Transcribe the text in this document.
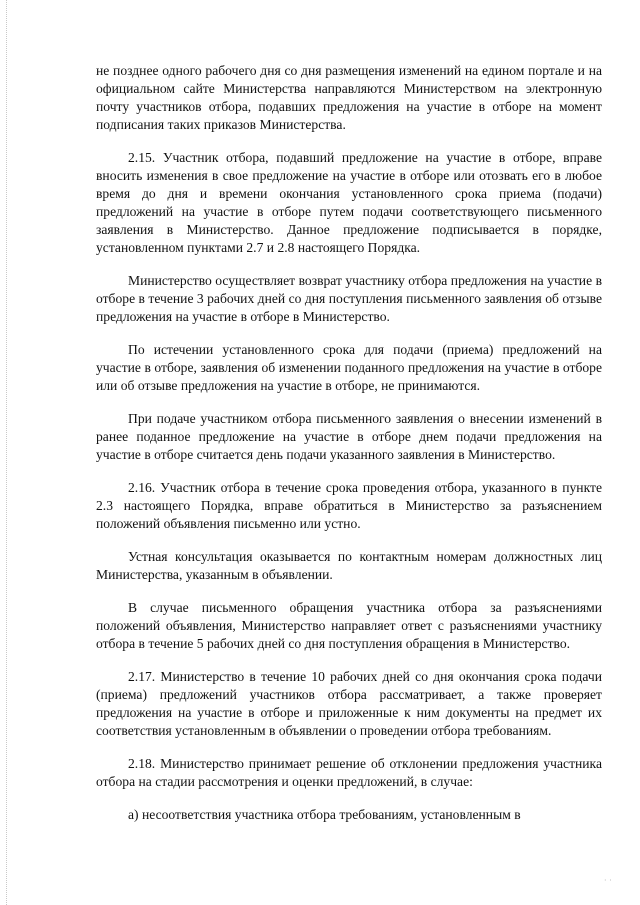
не позднее одного рабочего дня со дня размещения изменений на едином портале и на официальном сайте Министерства направляются Министерством на электронную почту участников отбора, подавших предложения на участие в отборе на момент подписания таких приказов Министерства.

2.15. Участник отбора, подавший предложение на участие в отборе, вправе вносить изменения в свое предложение на участие в отборе или отозвать его в любое время до дня и времени окончания установленного срока приема (подачи) предложений на участие в отборе путем подачи соответствующего письменного заявления в Министерство. Данное предложение подписывается в порядке, установленном пунктами 2.7 и 2.8 настоящего Порядка.

Министерство осуществляет возврат участнику отбора предложения на участие в отборе в течение 3 рабочих дней со дня поступления письменного заявления об отзыве предложения на участие в отборе в Министерство.

По истечении установленного срока для подачи (приема) предложений на участие в отборе, заявления об изменении поданного предложения на участие в отборе или об отзыве предложения на участие в отборе, не принимаются.

При подаче участником отбора письменного заявления о внесении изменений в ранее поданное предложение на участие в отборе днем подачи предложения на участие в отборе считается день подачи указанного заявления в Министерство.

2.16. Участник отбора в течение срока проведения отбора, указанного в пункте 2.3 настоящего Порядка, вправе обратиться в Министерство за разъяснением положений объявления письменно или устно.

Устная консультация оказывается по контактным номерам должностных лиц Министерства, указанным в объявлении.

В случае письменного обращения участника отбора за разъяснениями положений объявления, Министерство направляет ответ с разъяснениями участнику отбора в течение 5 рабочих дней со дня поступления обращения в Министерство.

2.17. Министерство в течение 10 рабочих дней со дня окончания срока подачи (приема) предложений участников отбора рассматривает, а также проверяет предложения на участие в отборе и приложенные к ним документы на предмет их соответствия установленным в объявлении о проведении отбора требованиям.

2.18. Министерство принимает решение об отклонении предложения участника отбора на стадии рассмотрения и оценки предложений, в случае:

а) несоответствия участника отбора требованиям, установленным в

· ·
